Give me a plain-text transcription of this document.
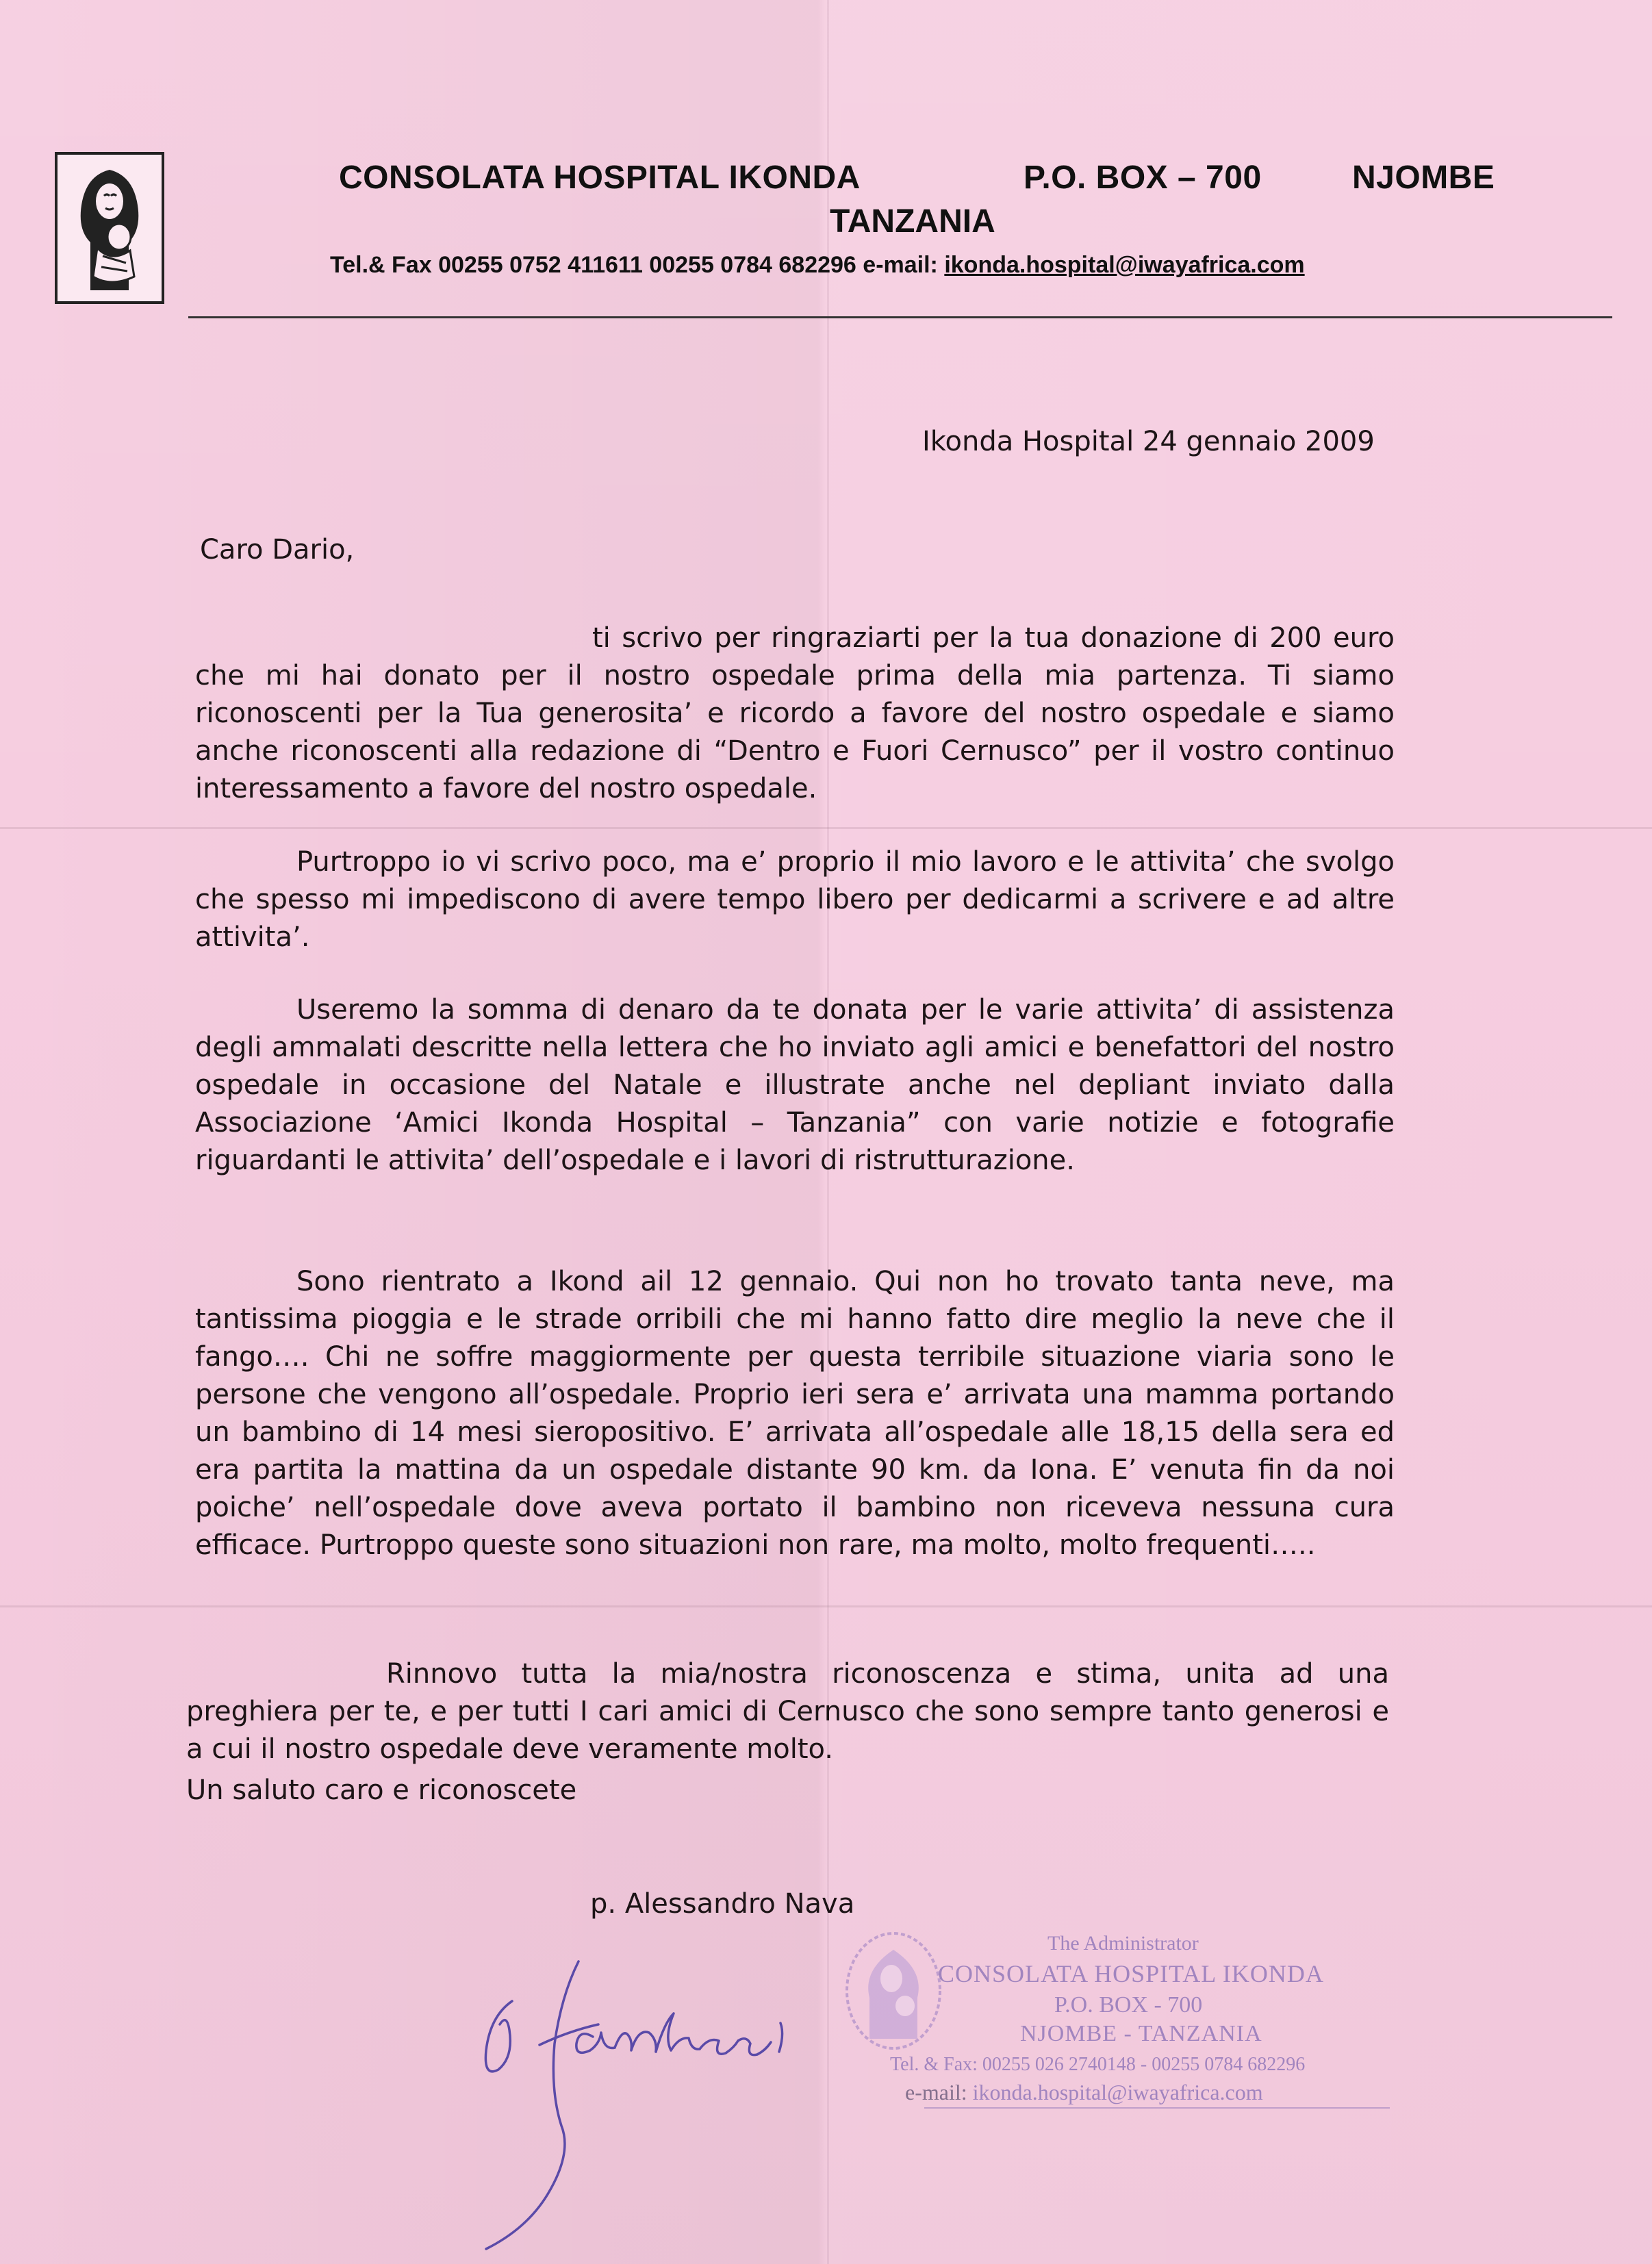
CONSOLATA HOSPITAL IKONDA	P.O. BOX – 700	NJOMBE
TANZANIA
Tel.& Fax 00255 0752 411611 00255 0784 682296 e-mail: ikonda.hospital@iwayafrica.com
Ikonda Hospital 24 gennaio 2009
Caro Dario,
ti scrivo per ringraziarti per la tua donazione di 200 euro che mi hai donato per il nostro ospedale prima della mia partenza. Ti siamo riconoscenti per la Tua generosita’ e ricordo a favore del nostro ospedale e siamo anche riconoscenti alla redazione di “Dentro e Fuori Cernusco” per il vostro continuo interessamento a favore del nostro ospedale.
Purtroppo io vi scrivo poco, ma e’ proprio il mio lavoro e le attivita’ che svolgo che spesso mi impediscono di avere tempo libero per dedicarmi a scrivere e ad altre attivita’.
Useremo la somma di denaro da te donata per le varie attivita’ di assistenza degli ammalati descritte nella lettera che ho inviato agli amici e benefattori del nostro ospedale in occasione del Natale e illustrate anche nel depliant inviato dalla Associazione ‘Amici Ikonda Hospital – Tanzania” con varie notizie e fotografie riguardanti le attivita’ dell’ospedale e i lavori di ristrutturazione.
Sono rientrato a Ikond ail 12 gennaio. Qui non ho trovato tanta neve, ma tantissima pioggia e le strade orribili che mi hanno fatto dire meglio la neve che il fango…. Chi ne soffre maggiormente per questa terribile situazione viaria sono le persone che vengono all’ospedale. Proprio ieri sera e’ arrivata una mamma portando un bambino di 14 mesi sieropositivo. E’ arrivata all’ospedale alle 18,15 della sera ed era partita la mattina da un ospedale distante 90 km. da Iona. E’ venuta fin da noi poiche’ nell’ospedale dove aveva portato il bambino non riceveva nessuna cura efficace. Purtroppo queste sono situazioni non rare, ma molto, molto frequenti…..
Rinnovo tutta la mia/nostra riconoscenza e stima, unita ad una preghiera per te, e per tutti I cari amici di Cernusco che sono sempre tanto generosi e a cui il nostro ospedale deve veramente molto.
Un saluto caro e riconoscete
p. Alessandro Nava
The Administrator
CONSOLATA HOSPITAL IKONDA
P.O. BOX - 700
NJOMBE - TANZANIA
Tel. & Fax: 00255 026 2740148 - 00255 0784 682296
e-mail: ikonda.hospital@iwayafrica.com
